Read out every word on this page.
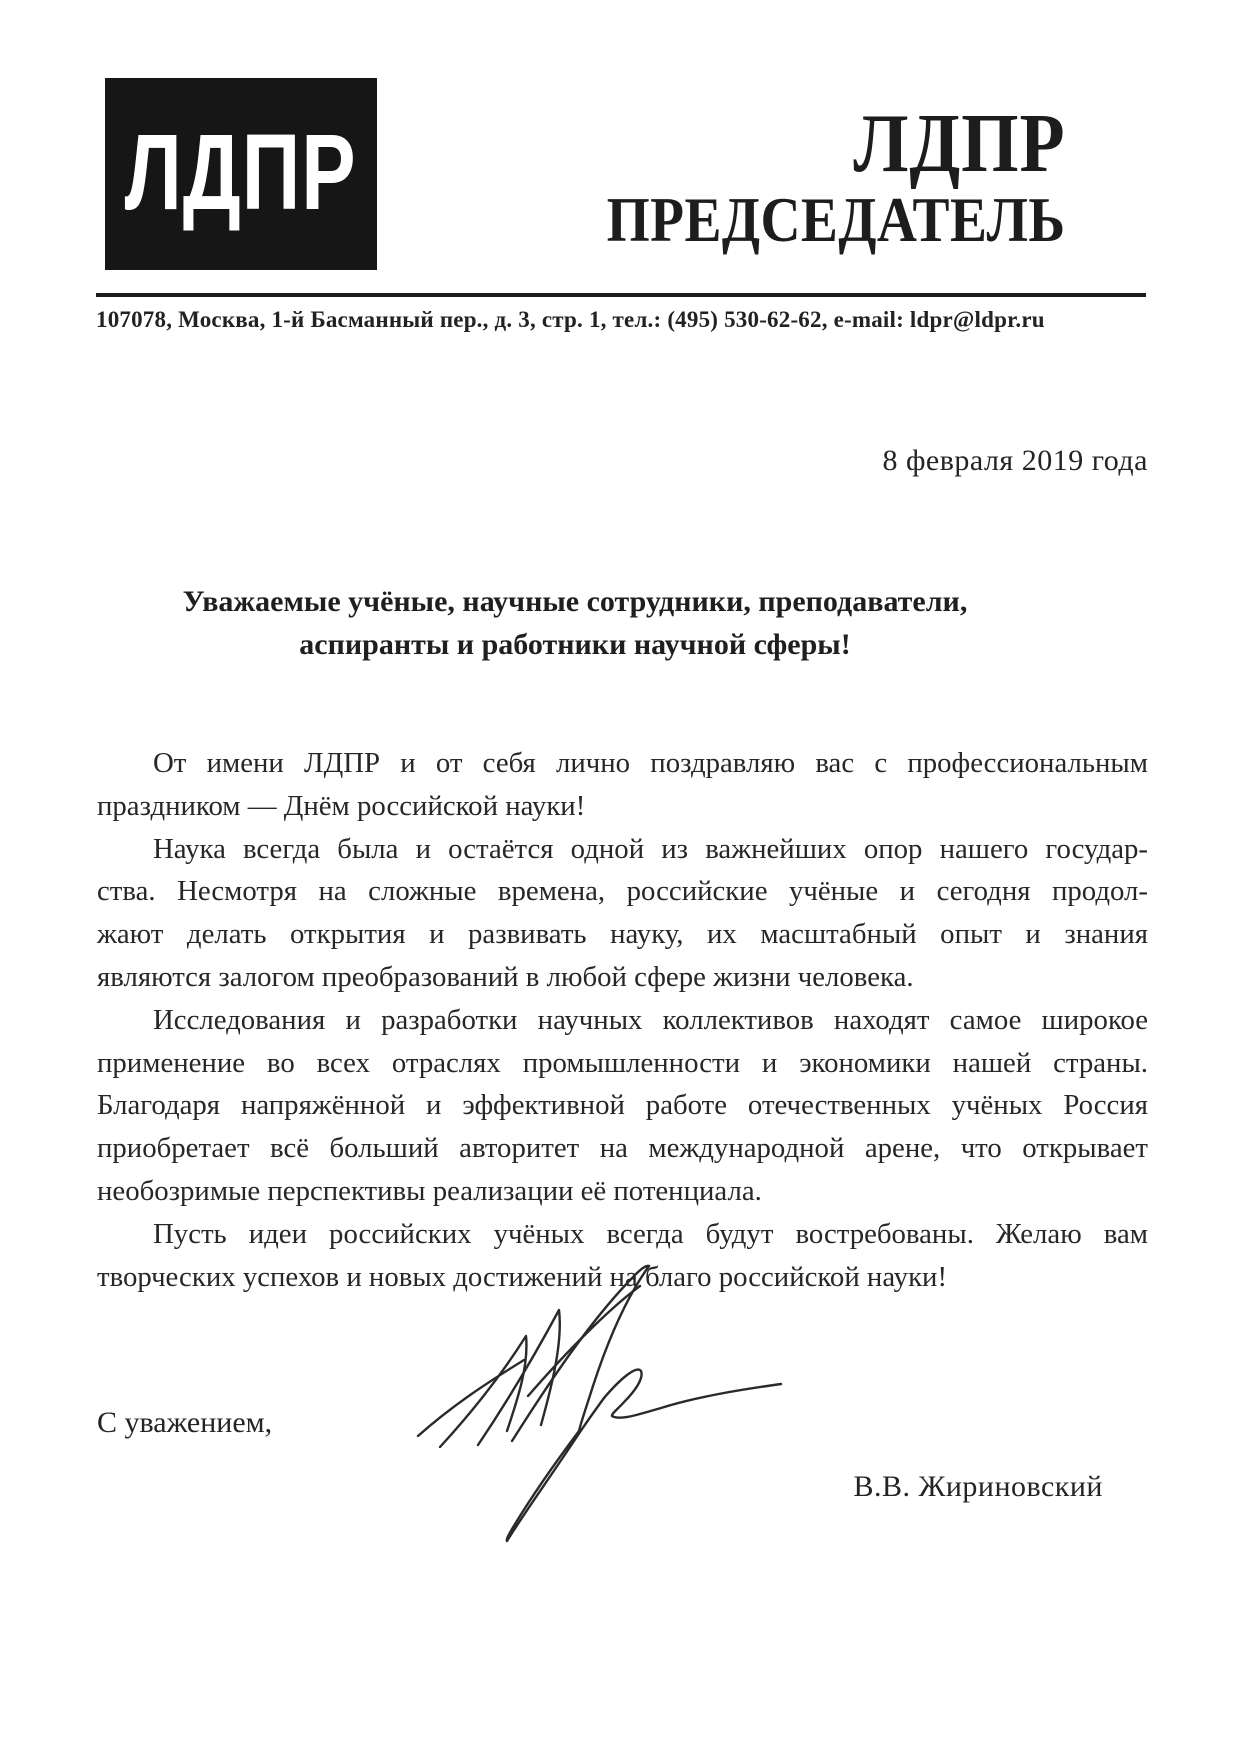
ЛДПР	ЛДПР
ПРЕДСЕДАТЕЛЬ
107078, Москва, 1-й Басманный пер., д. 3, стр. 1, тел.: (495) 530-62-62, e-mail: ldpr@ldpr.ru
8 февраля 2019 года
Уважаемые учёные, научные сотрудники, преподаватели,
аспиранты и работники научной сферы!
От имени ЛДПР и от себя лично поздравляю вас с профессиональным
праздником — Днём российской науки!
Наука всегда была и остаётся одной из важнейших опор нашего государ-
ства. Несмотря на сложные времена, российские учёные и сегодня продол-
жают делать открытия и развивать науку, их масштабный опыт и знания
являются залогом преобразований в любой сфере жизни человека.
Исследования и разработки научных коллективов находят самое широкое
применение во всех отраслях промышленности и экономики нашей страны.
Благодаря напряжённой и эффективной работе отечественных учёных Россия
приобретает всё больший авторитет на международной арене, что открывает
необозримые перспективы реализации её потенциала.
Пусть идеи российских учёных всегда будут востребованы. Желаю вам
творческих успехов и новых достижений на благо российской науки!
С уважением,
В.В. Жириновский
